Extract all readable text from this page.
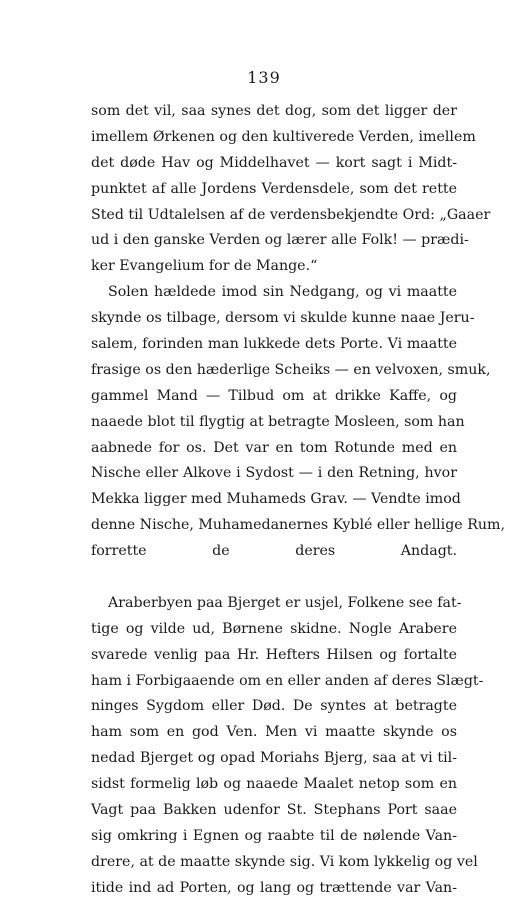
139
som det vil, saa synes det dog, som det ligger der
imellem Ørkenen og den kultiverede Verden, imellem
det døde Hav og Middelhavet — kort sagt i Midt-
punktet af alle Jordens Verdensdele, som det rette
Sted til Udtalelsen af de verdensbekjendte Ord: „Gaaer
ud i den ganske Verden og lærer alle Folk! — prædi-
ker Evangelium for de Mange.“
Solen hældede imod sin Nedgang, og vi maatte
skynde os tilbage, dersom vi skulde kunne naae Jeru-
salem, forinden man lukkede dets Porte. Vi maatte
frasige os den hæderlige Scheiks — en velvoxen, smuk,
gammel Mand — Tilbud om at drikke Kaffe, og
naaede blot til flygtig at betragte Mosleen, som han
aabnede for os. Det var en tom Rotunde med en
Nische eller Alkove i Sydost — i den Retning, hvor
Mekka ligger med Muhameds Grav. — Vendte imod
denne Nische, Muhamedanernes Kyblé eller hellige Rum,
forrette de deres Andagt.
Araberbyen paa Bjerget er usjel, Folkene see fat-
tige og vilde ud, Børnene skidne. Nogle Arabere
svarede venlig paa Hr. Hefters Hilsen og fortalte
ham i Forbigaaende om en eller anden af deres Slægt-
ninges Sygdom eller Død. De syntes at betragte
ham som en god Ven. Men vi maatte skynde os
nedad Bjerget og opad Moriahs Bjerg, saa at vi til-
sidst formelig løb og naaede Maalet netop som en
Vagt paa Bakken udenfor St. Stephans Port saae
sig omkring i Egnen og raabte til de nølende Van-
drere, at de maatte skynde sig. Vi kom lykkelig og vel
itide ind ad Porten, og lang og trættende var Van-
